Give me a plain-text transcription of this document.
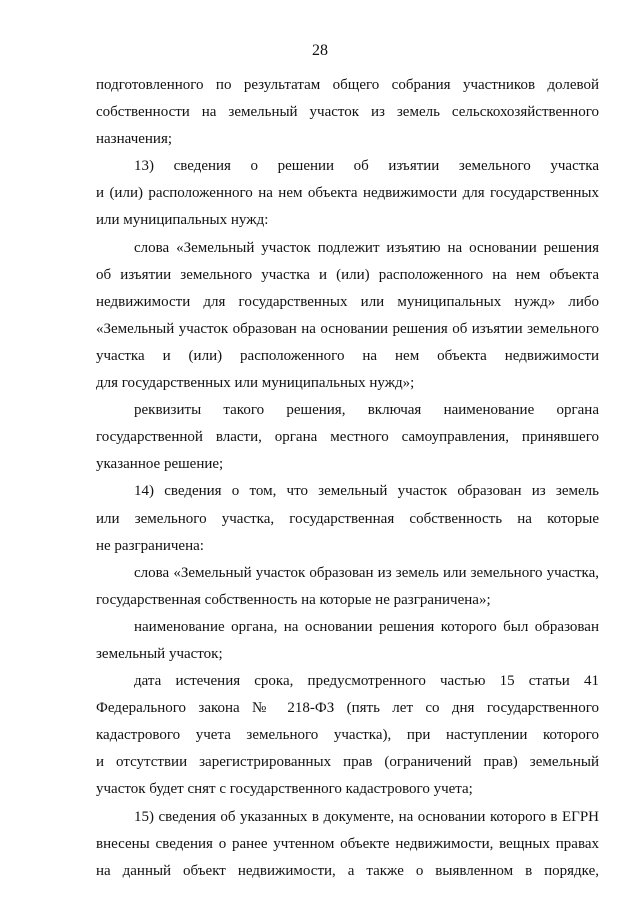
28
подготовленного по результатам общего собрания участников долевой
собственности на земельный участок из земель сельскохозяйственного
назначения;
13) сведения о решении об изъятии земельного участка
и (или) расположенного на нем объекта недвижимости для государственных
или муниципальных нужд:
слова «Земельный участок подлежит изъятию на основании решения
об изъятии земельного участка и (или) расположенного на нем объекта
недвижимости для государственных или муниципальных нужд» либо
«Земельный участок образован на основании решения об изъятии земельного
участка и (или) расположенного на нем объекта недвижимости
для государственных или муниципальных нужд»;
реквизиты такого решения, включая наименование органа
государственной власти, органа местного самоуправления, принявшего
указанное решение;
14) сведения о том, что земельный участок образован из земель
или земельного участка, государственная собственность на которые
не разграничена:
слова «Земельный участок образован из земель или земельного участка,
государственная собственность на которые не разграничена»;
наименование органа, на основании решения которого был образован
земельный участок;
дата истечения срока, предусмотренного частью 15 статьи 41
Федерального закона № 218-ФЗ (пять лет со дня государственного
кадастрового учета земельного участка), при наступлении которого
и отсутствии зарегистрированных прав (ограничений прав) земельный
участок будет снят с государственного кадастрового учета;
15) сведения об указанных в документе, на основании которого в ЕГРН
внесены сведения о ранее учтенном объекте недвижимости, вещных правах
на данный объект недвижимости, а также о выявленном в порядке,
